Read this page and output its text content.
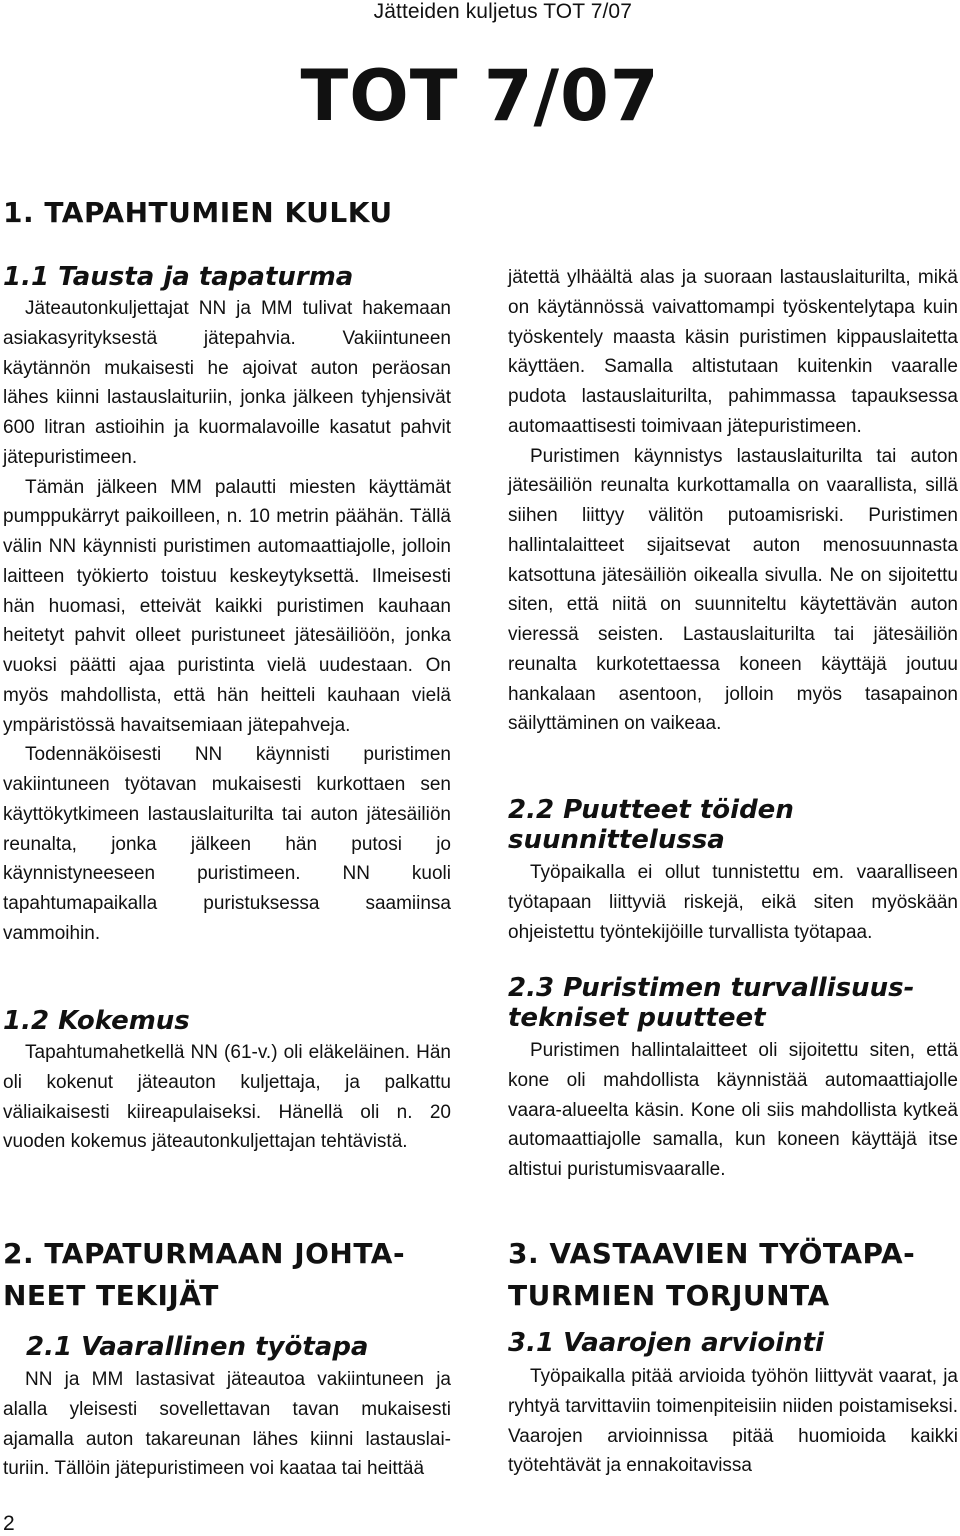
Jätteiden kuljetus TOT 7/07
TOT 7/07
1. TAPAHTUMIEN KULKU
1.1 Tausta ja tapaturma

Jäteautonkuljettajat NN ja MM tulivat hakemaan asiakasyrityksestä jätepahvia. Vakiintuneen käytännön mukaisesti he ajoivat auton peräosan lähes kiinni lastauslaituriin, jonka jälkeen tyhjensivät 600 litran astioihin ja kuormalavoille kasatut pahvit jätepuristimeen.

Tämän jälkeen MM palautti miesten käyttämät pumppukärryt paikoilleen, n. 10 metrin päähän. Tällä välin NN käynnisti puristimen automaattiajolle, jolloin laitteen työkierto toistuu keskeytyksettä. Ilmeisesti hän huomasi, etteivät kaikki puristimen kauhaan heitetyt pahvit olleet puristuneet jätesäiliöön, jonka vuoksi päätti ajaa puristinta vielä uudestaan. On myös mahdollista, että hän heitteli kauhaan vielä ympäristössä havaitsemiaan jätepahveja.

Todennäköisesti NN käynnisti puristimen vakiintuneen työtavan mukaisesti kurkottaen sen käyttökytkimeen lastauslaiturilta tai auton jätesäiliön reunalta, jonka jälkeen hän putosi jo käynnistyneeseen puristimeen. NN kuoli tapahtumapaikalla puristuksessa saamiinsa vammoihin.

1.2 Kokemus

Tapahtumahetkellä NN (61-v.) oli eläkeläinen. Hän oli kokenut jäteauton kuljettaja, ja palkattu väliaikaisesti kiireapulaiseksi. Hänellä oli n. 20 vuoden kokemus jäteautonkuljettajan tehtävistä.

jätettä ylhäältä alas ja suoraan lastauslaiturilta, mikä on käytännössä vaivattomampi työskentelytapa kuin työskentely maasta käsin puristimen kippauslaitetta käyttäen. Samalla altistutaan kuitenkin vaaralle pudota lastauslaiturilta, pahimmassa tapauksessa automaattisesti toimivaan jätepuristimeen.

Puristimen käynnistys lastauslaiturilta tai auton jätesäiliön reunalta kurkottamalla on vaarallista, sillä siihen liittyy välitön putoamisriski. Puristimen hallintalaitteet sijaitsevat auton menosuunnasta katsottuna jätesäiliön oikealla sivulla. Ne on sijoitettu siten, että niitä on suunniteltu käytettävän auton vieressä seisten. Lastauslaiturilta tai jätesäiliön reunalta kurkotettaessa koneen käyttäjä joutuu hankalaan asentoon, jolloin myös tasapainon säilyttäminen on vaikeaa.

2.2 Puutteet töiden suunnittelussa

Työpaikalla ei ollut tunnistettu em. vaaralliseen työtapaan liittyviä riskejä, eikä siten myöskään ohjeistettu työntekijöille turvallista työtapaa.

2.3 Puristimen turvallisuustekniset puutteet

Puristimen hallintalaitteet oli sijoitettu siten, että kone oli mahdollista käynnistää automaattiajolle vaara-alueelta käsin. Kone oli siis mahdollista kytkeä automaattiajolle samalla, kun koneen käyttäjä itse altistui puristumisvaaralle.

2. TAPATURMAAN JOHTANEET TEKIJÄT
2.1 Vaarallinen työtapa

NN ja MM lastasivat jäteautoa vakiintuneen ja alalla yleisesti sovellettavan tavan mukaisesti ajamalla auton takareunan lähes kiinni lastauslaituriin. Tällöin jätepuristimeen voi kaataa tai heittää

3. VASTAAVIEN TYÖTAPATURMIEN TORJUNTA
3.1 Vaarojen arviointi

Työpaikalla pitää arvioida työhön liittyvät vaarat, ja ryhtyä tarvittaviin toimenpiteisiin niiden poistamiseksi. Vaarojen arvioinnissa pitää huomioida kaikki työtehtävät ja ennakoitavissa

2
